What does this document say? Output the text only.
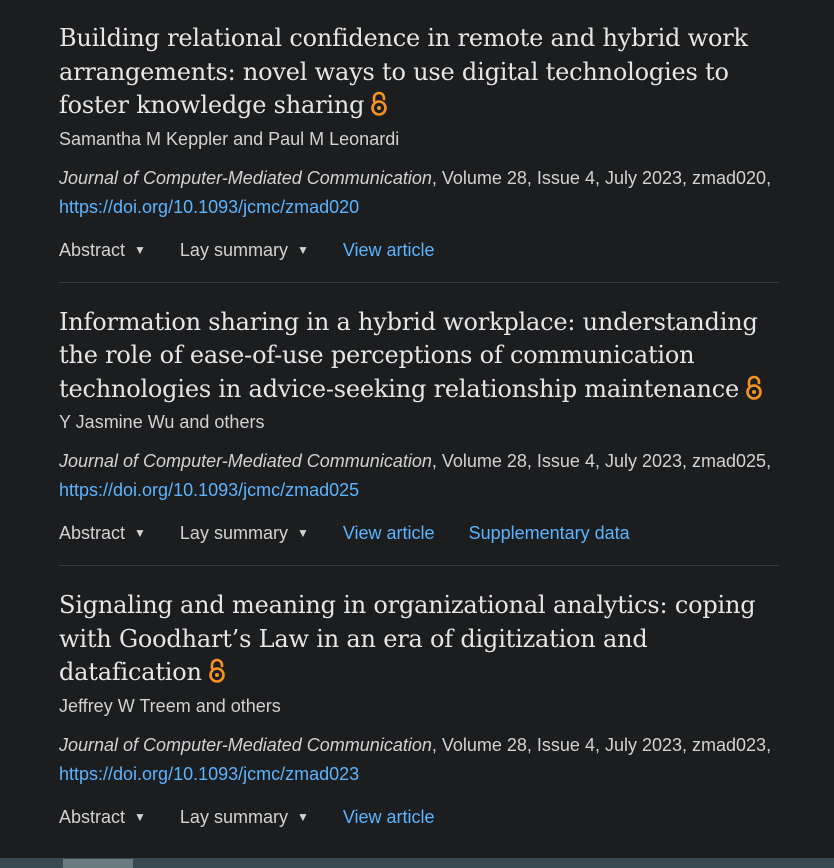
Building relational confidence in remote and hybrid work arrangements: novel ways to use digital technologies to foster knowledge sharing
Samantha M Keppler and Paul M Leonardi
Journal of Computer-Mediated Communication, Volume 28, Issue 4, July 2023, zmad020, https://doi.org/10.1093/jcmc/zmad020
Abstract ▼ Lay summary ▼ View article
Information sharing in a hybrid workplace: understanding the role of ease-of-use perceptions of communication technologies in advice-seeking relationship maintenance
Y Jasmine Wu and others
Journal of Computer-Mediated Communication, Volume 28, Issue 4, July 2023, zmad025, https://doi.org/10.1093/jcmc/zmad025
Abstract ▼ Lay summary ▼ View article Supplementary data
Signaling and meaning in organizational analytics: coping with Goodhart’s Law in an era of digitization and datafication
Jeffrey W Treem and others
Journal of Computer-Mediated Communication, Volume 28, Issue 4, July 2023, zmad023, https://doi.org/10.1093/jcmc/zmad023
Abstract ▼ Lay summary ▼ View article
